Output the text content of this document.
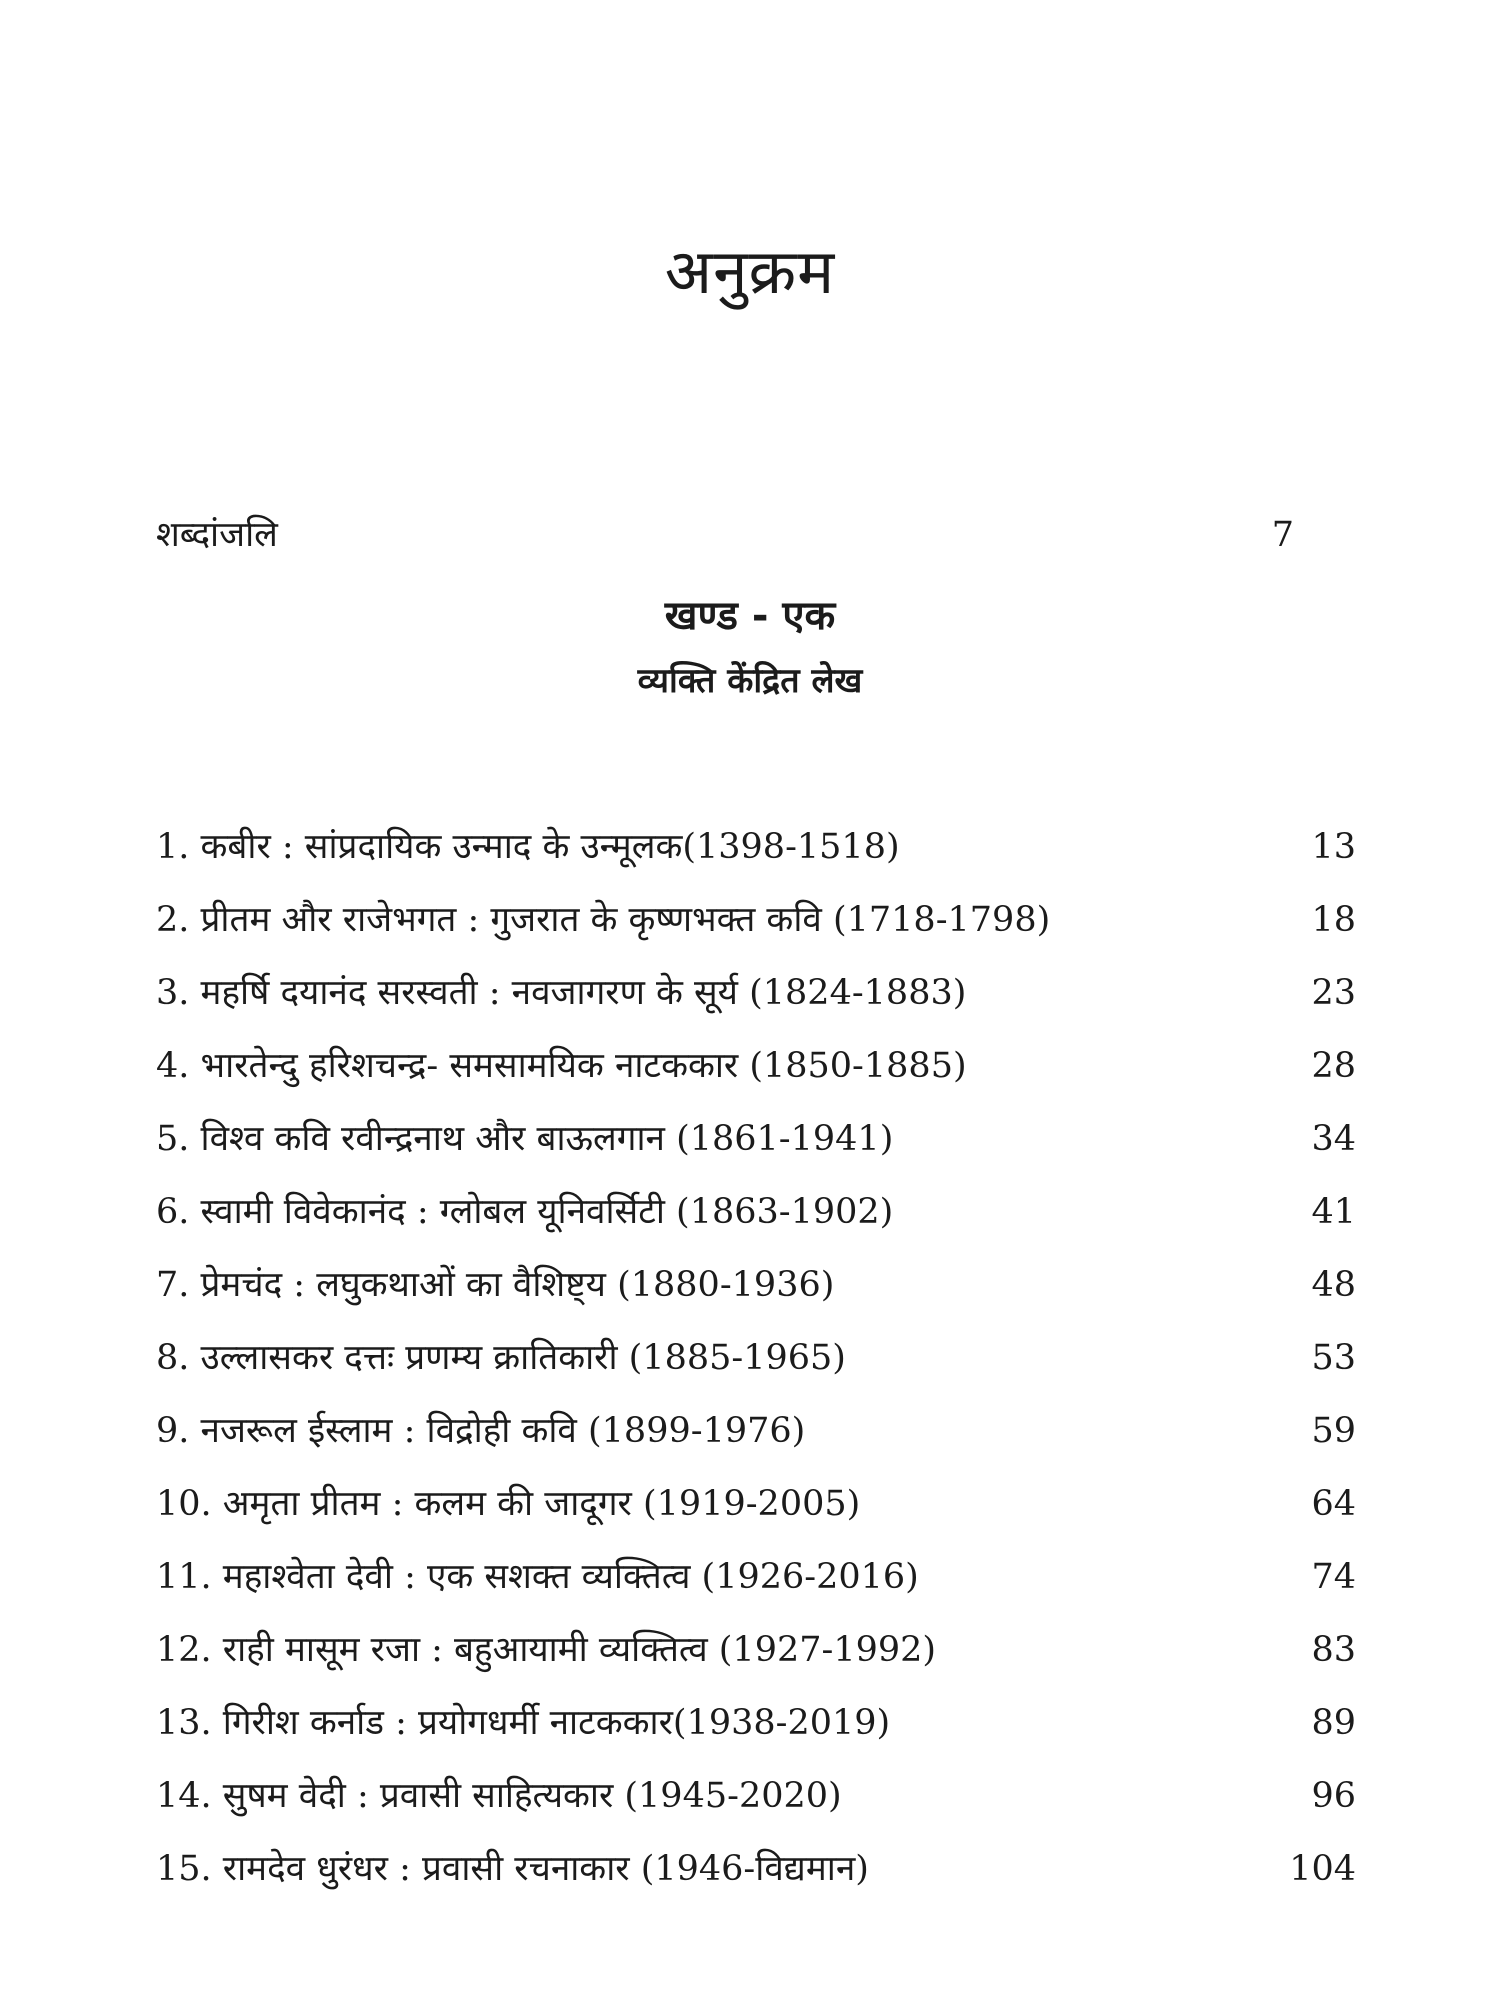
अनुक्रम
शब्दांजलि	7
खण्ड - एक
व्यक्ति केंद्रित लेख
1. कबीर : सांप्रदायिक उन्माद के उन्मूलक(1398-1518)	13
2. प्रीतम और राजेभगत : गुजरात के कृष्णभक्त कवि (1718-1798)	18
3. महर्षि दयानंद सरस्वती : नवजागरण के सूर्य (1824-1883)	23
4. भारतेन्दु हरिशचन्द्र- समसामयिक नाटककार (1850-1885)	28
5. विश्व कवि रवीन्द्रनाथ और बाऊलगान (1861-1941)	34
6. स्वामी विवेकानंद : ग्लोबल यूनिवर्सिटी (1863-1902)	41
7. प्रेमचंद : लघुकथाओं का वैशिष्ट्य (1880-1936)	48
8. उल्लासकर दत्तः प्रणम्य क्रातिकारी (1885-1965)	53
9. नजरूल ईस्लाम : विद्रोही कवि (1899-1976)	59
10. अमृता प्रीतम : कलम की जादूगर (1919-2005)	64
11. महाश्वेता देवी : एक सशक्त व्यक्तित्व (1926-2016)	74
12. राही मासूम रजा : बहुआयामी व्यक्तित्व (1927-1992)	83
13. गिरीश कर्नाड : प्रयोगधर्मी नाटककार(1938-2019)	89
14. सुषम वेदी : प्रवासी साहित्यकार (1945-2020)	96
15. रामदेव धुरंधर : प्रवासी रचनाकार (1946-विद्यमान)	104
